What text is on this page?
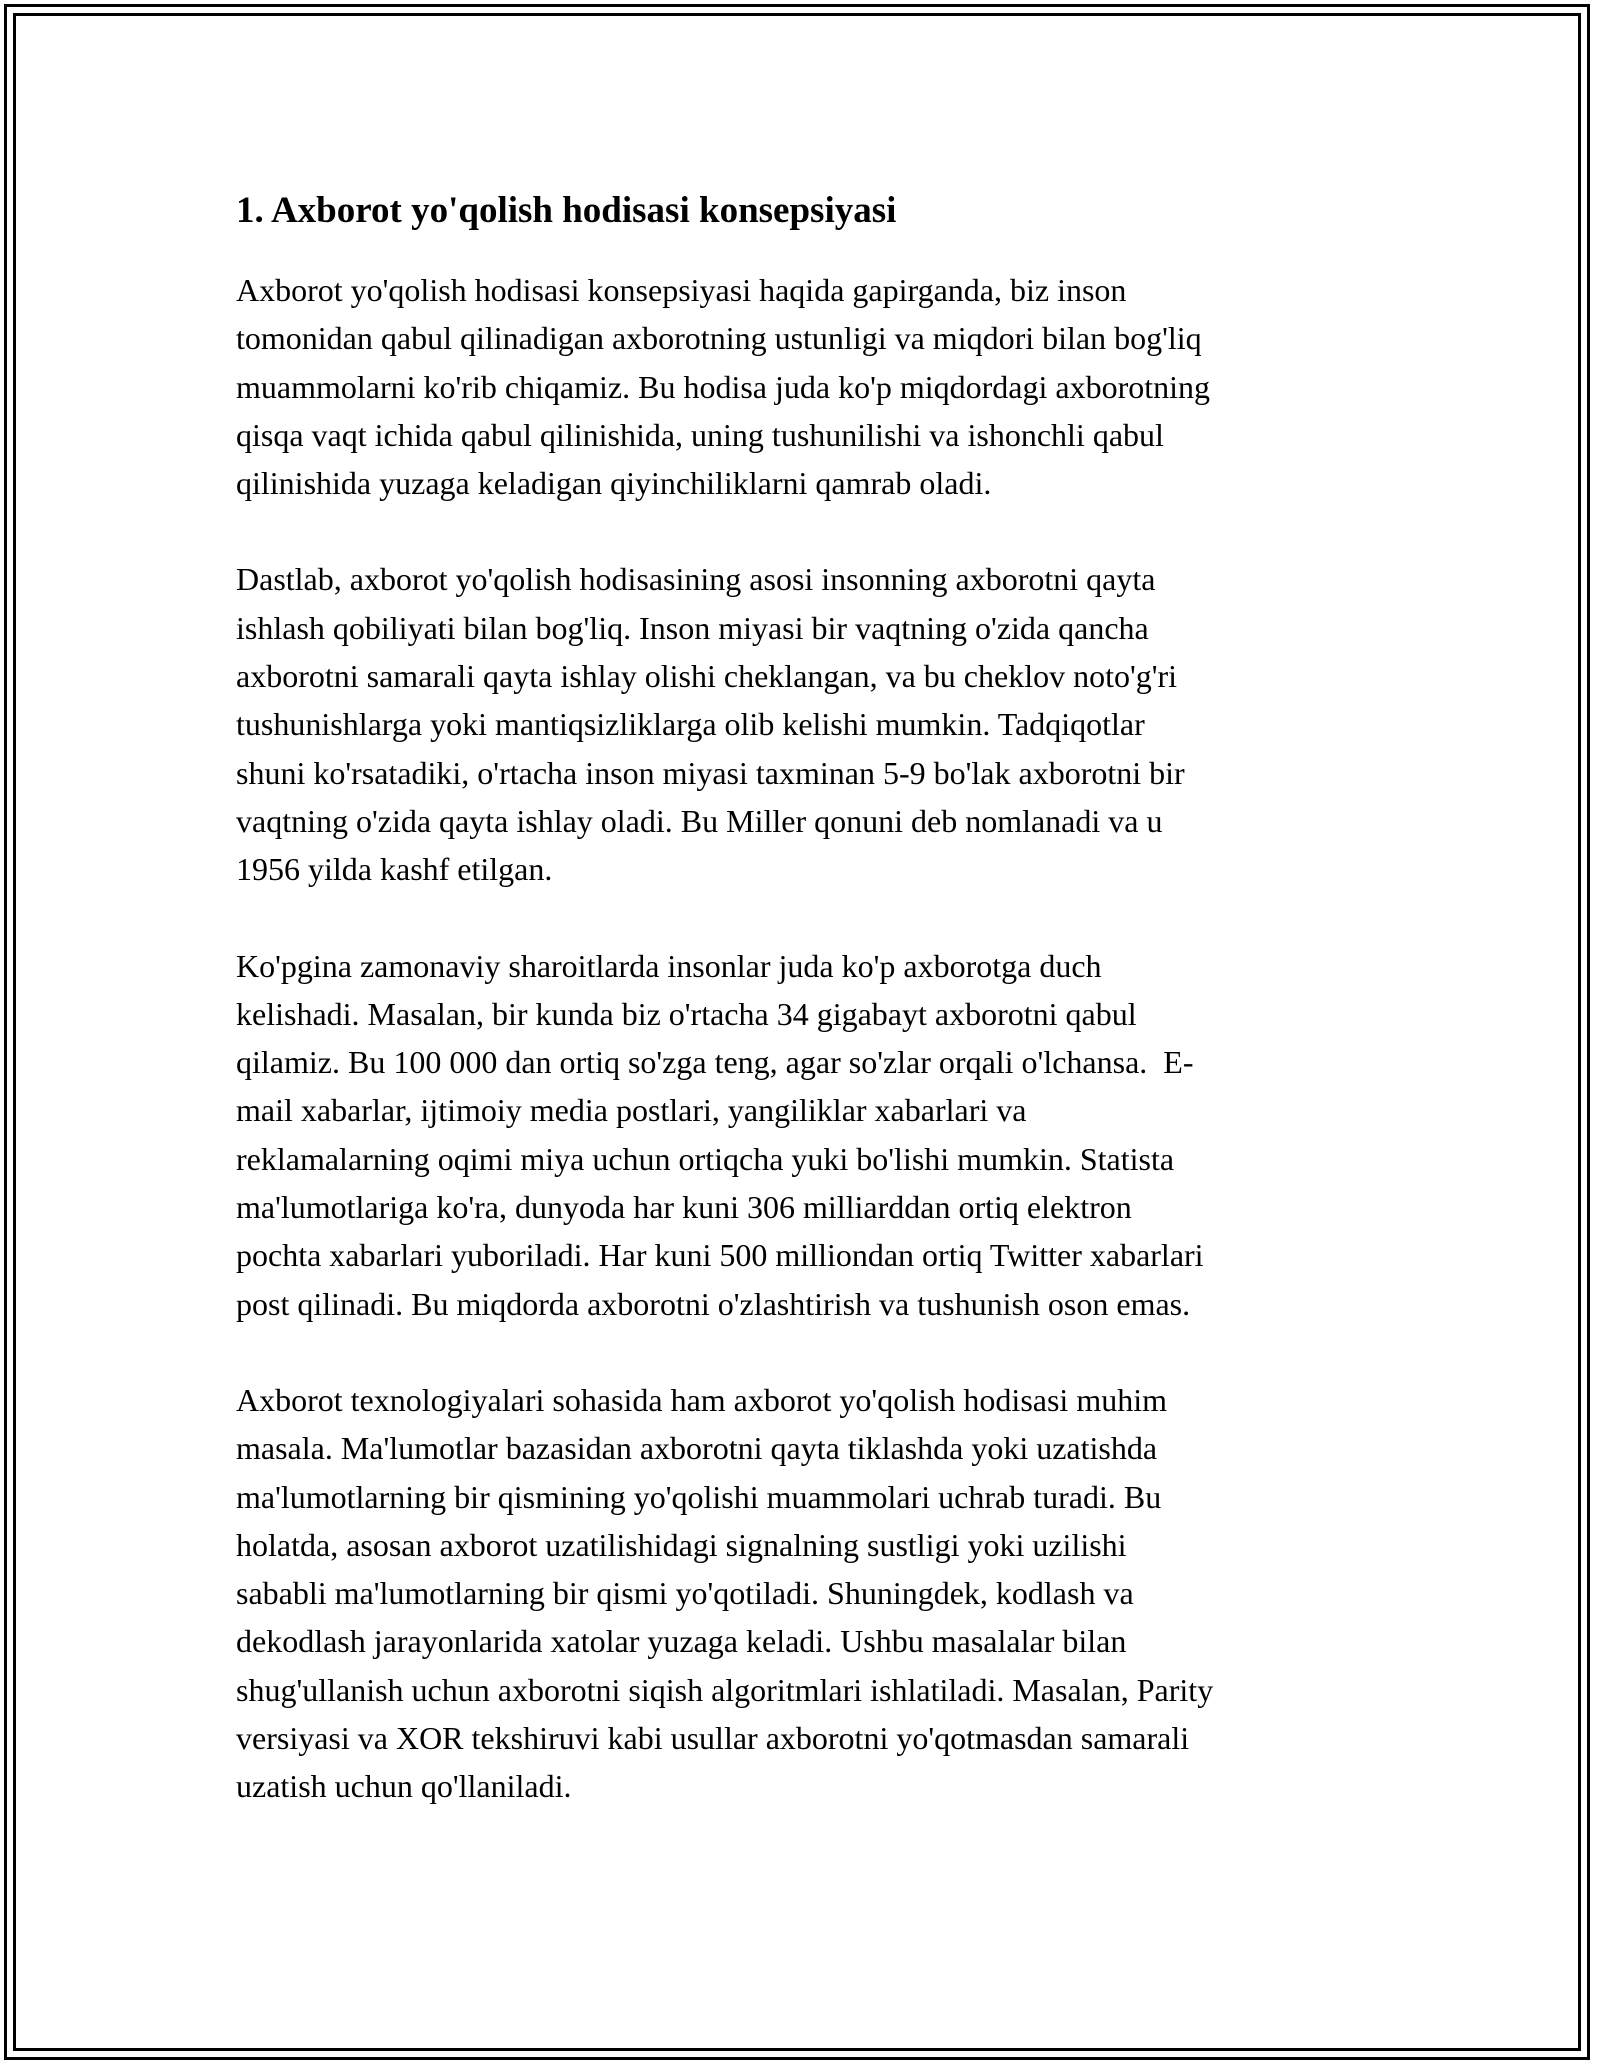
1. Axborot yo'qolish hodisasi konsepsiyasi
Axborot yo'qolish hodisasi konsepsiyasi haqida gapirganda, biz inson
tomonidan qabul qilinadigan axborotning ustunligi va miqdori bilan bog'liq
muammolarni ko'rib chiqamiz. Bu hodisa juda ko'p miqdordagi axborotning
qisqa vaqt ichida qabul qilinishida, uning tushunilishi va ishonchli qabul
qilinishida yuzaga keladigan qiyinchiliklarni qamrab oladi.
Dastlab, axborot yo'qolish hodisasining asosi insonning axborotni qayta
ishlash qobiliyati bilan bog'liq. Inson miyasi bir vaqtning o'zida qancha
axborotni samarali qayta ishlay olishi cheklangan, va bu cheklov noto'g'ri
tushunishlarga yoki mantiqsizliklarga olib kelishi mumkin. Tadqiqotlar
shuni ko'rsatadiki, o'rtacha inson miyasi taxminan 5-9 bo'lak axborotni bir
vaqtning o'zida qayta ishlay oladi. Bu Miller qonuni deb nomlanadi va u
1956 yilda kashf etilgan.
Ko'pgina zamonaviy sharoitlarda insonlar juda ko'p axborotga duch
kelishadi. Masalan, bir kunda biz o'rtacha 34 gigabayt axborotni qabul
qilamiz. Bu 100 000 dan ortiq so'zga teng, agar so'zlar orqali o'lchansa.  E-
mail xabarlar, ijtimoiy media postlari, yangiliklar xabarlari va
reklamalarning oqimi miya uchun ortiqcha yuki bo'lishi mumkin. Statista
ma'lumotlariga ko'ra, dunyoda har kuni 306 milliarddan ortiq elektron
pochta xabarlari yuboriladi. Har kuni 500 milliondan ortiq Twitter xabarlari
post qilinadi. Bu miqdorda axborotni o'zlashtirish va tushunish oson emas.
Axborot texnologiyalari sohasida ham axborot yo'qolish hodisasi muhim
masala. Ma'lumotlar bazasidan axborotni qayta tiklashda yoki uzatishda
ma'lumotlarning bir qismining yo'qolishi muammolari uchrab turadi. Bu
holatda, asosan axborot uzatilishidagi signalning sustligi yoki uzilishi
sababli ma'lumotlarning bir qismi yo'qotiladi. Shuningdek, kodlash va
dekodlash jarayonlarida xatolar yuzaga keladi. Ushbu masalalar bilan
shug'ullanish uchun axborotni siqish algoritmlari ishlatiladi. Masalan, Parity
versiyasi va XOR tekshiruvi kabi usullar axborotni yo'qotmasdan samarali
uzatish uchun qo'llaniladi.
